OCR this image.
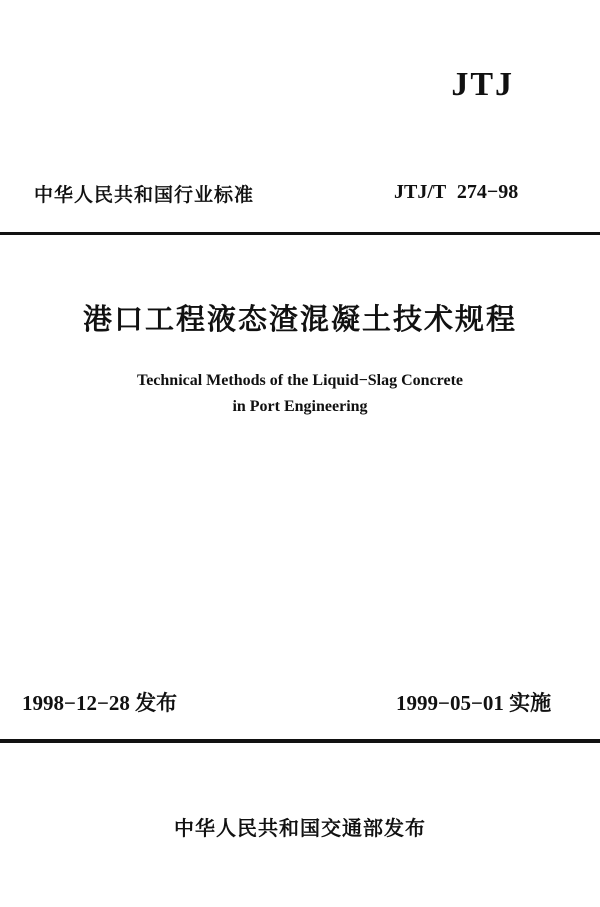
JTJ
中华人民共和国行业标准	JTJ/T 274−98
港口工程液态渣混凝土技术规程
Technical Methods of the Liquid−Slag Concrete
in Port Engineering
1998−12−28 发布	1999−05−01 实施
中华人民共和国交通部发布
